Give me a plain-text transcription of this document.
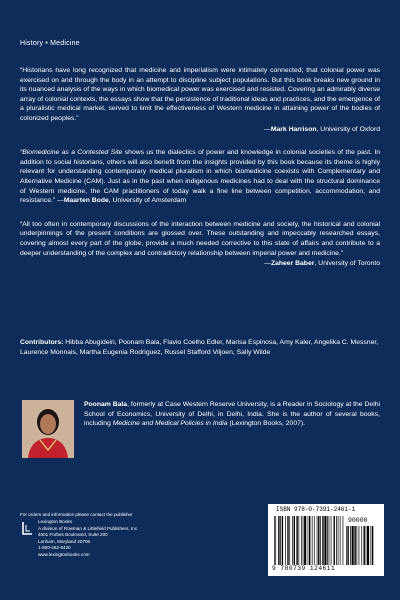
History • Medicine
“Historians have long recognized that medicine and imperialism were intimately connected; that colonial power was exercised on and through the body in an attempt to discipline subject populations. But this book breaks new ground in its nuanced analysis of the ways in which biomedical power was exercised and resisted. Covering an admirably diverse array of colonial contexts, the essays show that the persistence of traditional ideas and practices, and the emergence of a pluralistic medical market, served to limit the effectiveness of Western medicine in attaining power of the bodies of colonized peoples.”
—Mark Harrison, University of Oxford
“Biomedicine as a Contested Site shows us the dialectics of power and knowledge in colonial societies of the past. In addition to social historians, others will also benefit from the insights provided by this book because its theme is highly relevant for understanding contemporary medical pluralism in which biomedicine coexists with Complementary and Alternative Medicine (CAM). Just as in the past when indigenous medicines had to deal with the structural dominance of Western medicine, the CAM practitioners of today walk a fine line between competition, accommodation, and resistance.” —Maarten Bode, University of Amsterdam
“All too often in contemporary discussions of the interaction between medicine and society, the historical and colonial underpinnings of the present conditions are glossed over. These outstanding and impeccably researched essays, covering almost every part of the globe, provide a much needed corrective to this state of affairs and contribute to a deeper understanding of the complex and contradictory relationship between imperial power and medicine.”
—Zaheer Baber, University of Toronto
Contributors: Hibba Abugideiri, Poonam Bala, Flavio Coelho Edler, Marisa Espinosa, Amy Kaler, Angelika C. Messner, Laurence Monnais, Martha Eugenia Rodriguez, Russel Stafford Viljoen, Sally Wilde
Poonam Bala, formerly at Case Western Reserve University, is a Reader in Sociology at the Delhi School of Economics, University of Delhi, in Delhi, India. She is the author of several books, including Medicine and Medical Policies in India (Lexington Books, 2007).
For orders and information please contact the publisher
Lexington Books
A division of Rowman & Littlefield Publishers, Inc.
4501 Forbes Boulevard, Suite 200
Lanham, Maryland 20706
1-800-462-6420
www.lexingtonbooks.com
ISBN 978-0-7391-2461-1
90000
9 780739 124611
